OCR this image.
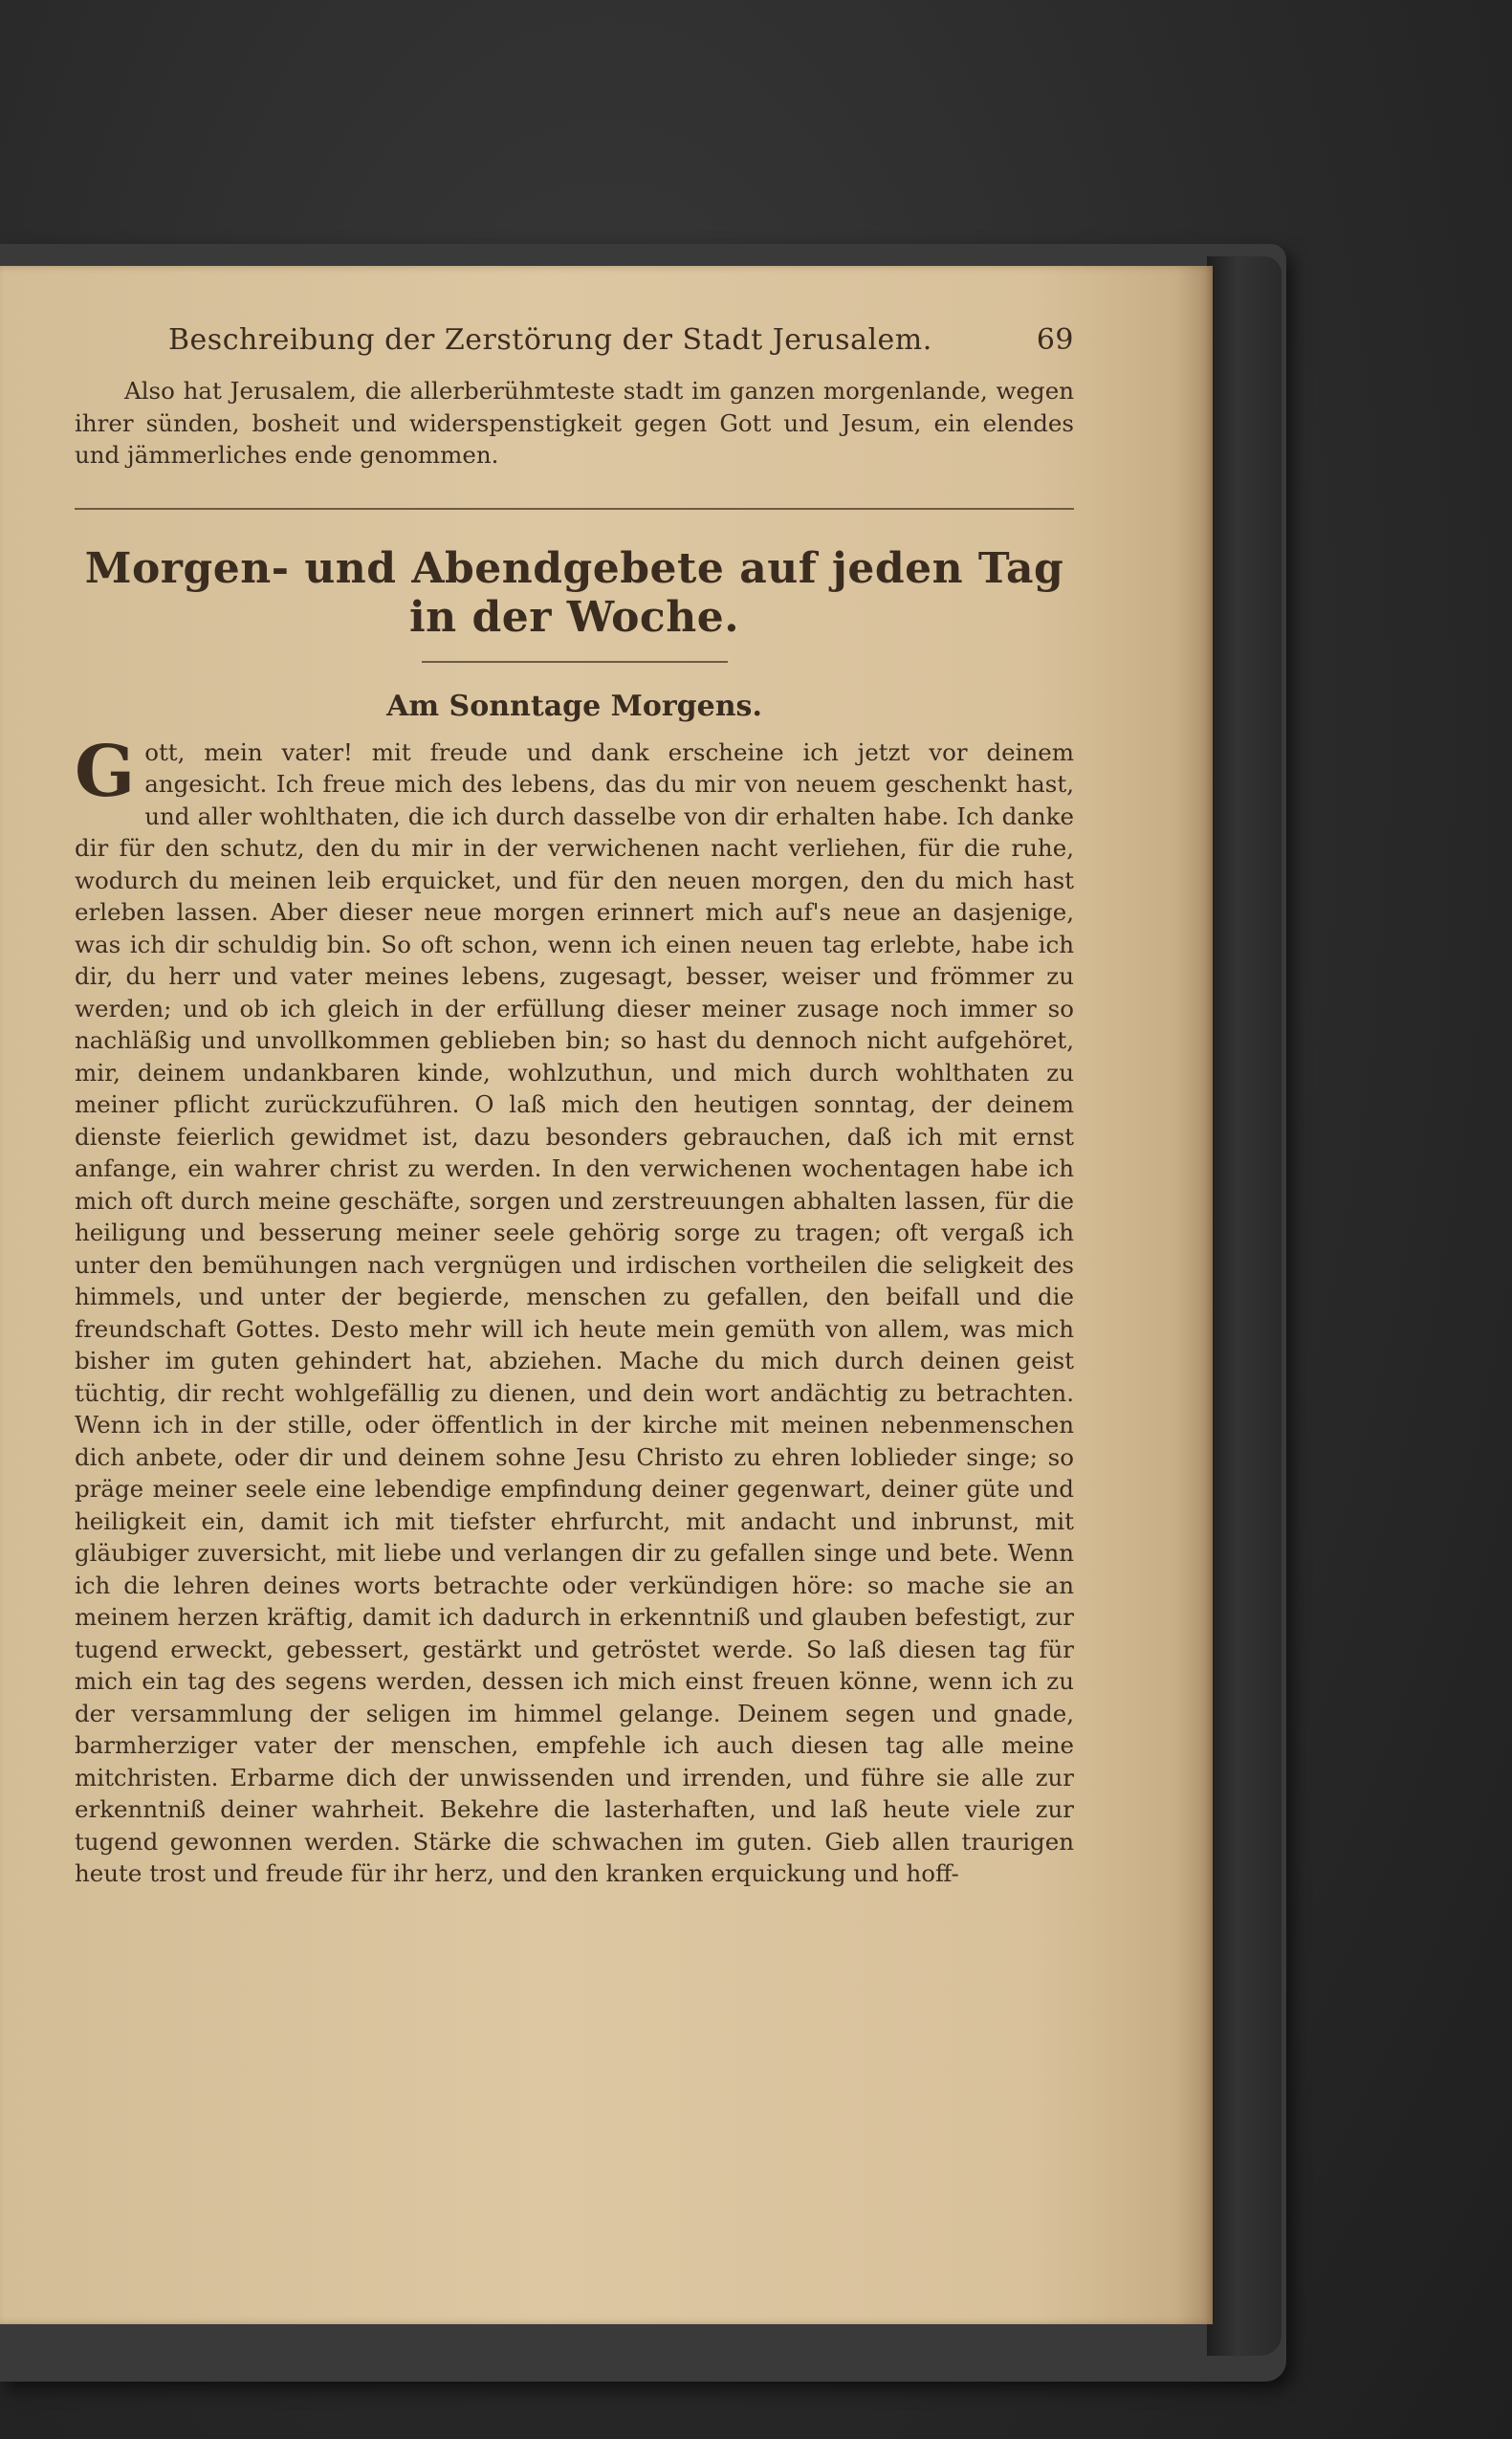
Beschreibung der Zerstörung der Stadt Jerusalem.	69

Also hat Jerusalem, die allerberühmteste stadt im ganzen morgenlande, wegen ihrer sünden, bosheit und widerspenstigkeit gegen Gott und Jesum, ein elendes und jämmerliches ende genommen.

Morgen- und Abendgebete auf jeden Tag in der Woche.
Am Sonntage Morgens.
G ott, mein vater! mit freude und dank erscheine ich jetzt vor deinem angesicht. Ich freue mich des lebens, das du mir von neuem geschenkt hast, und aller wohlthaten, die ich durch dasselbe von dir erhalten habe. Ich danke dir für den schutz, den du mir in der verwichenen nacht verliehen, für die ruhe, wodurch du meinen leib erquicket, und für den neuen morgen, den du mich hast erleben lassen. Aber dieser neue morgen erinnert mich auf's neue an dasjenige, was ich dir schuldig bin. So oft schon, wenn ich einen neuen tag erlebte, habe ich dir, du herr und vater meines lebens, zugesagt, besser, weiser und frömmer zu werden; und ob ich gleich in der erfüllung dieser meiner zusage noch immer so nachläßig und unvollkommen geblieben bin; so hast du dennoch nicht aufgehöret, mir, deinem undankbaren kinde, wohlzuthun, und mich durch wohlthaten zu meiner pflicht zurückzuführen. O laß mich den heutigen sonntag, der deinem dienste feierlich gewidmet ist, dazu besonders gebrauchen, daß ich mit ernst anfange, ein wahrer christ zu werden. In den verwichenen wochentagen habe ich mich oft durch meine geschäfte, sorgen und zerstreuungen abhalten lassen, für die heiligung und besserung meiner seele gehörig sorge zu tragen; oft vergaß ich unter den bemühungen nach vergnügen und irdischen vortheilen die seligkeit des himmels, und unter der begierde, menschen zu gefallen, den beifall und die freundschaft Gottes. Desto mehr will ich heute mein gemüth von allem, was mich bisher im guten gehindert hat, abziehen. Mache du mich durch deinen geist tüchtig, dir recht wohlgefällig zu dienen, und dein wort andächtig zu betrachten. Wenn ich in der stille, oder öffentlich in der kirche mit meinen nebenmenschen dich anbete, oder dir und deinem sohne Jesu Christo zu ehren loblieder singe; so präge meiner seele eine lebendige empfindung deiner gegenwart, deiner güte und heiligkeit ein, damit ich mit tiefster ehrfurcht, mit andacht und inbrunst, mit gläubiger zuversicht, mit liebe und verlangen dir zu gefallen singe und bete. Wenn ich die lehren deines worts betrachte oder verkündigen höre: so mache sie an meinem herzen kräftig, damit ich dadurch in erkenntniß und glauben befestigt, zur tugend erweckt, gebessert, gestärkt und getröstet werde. So laß diesen tag für mich ein tag des segens werden, dessen ich mich einst freuen könne, wenn ich zu der versammlung der seligen im himmel gelange. Deinem segen und gnade, barmherziger vater der menschen, empfehle ich auch diesen tag alle meine mitchristen. Erbarme dich der unwissenden und irrenden, und führe sie alle zur erkenntniß deiner wahrheit. Bekehre die lasterhaften, und laß heute viele zur tugend gewonnen werden. Stärke die schwachen im guten. Gieb allen traurigen heute trost und freude für ihr herz, und den kranken erquickung und hoff-
